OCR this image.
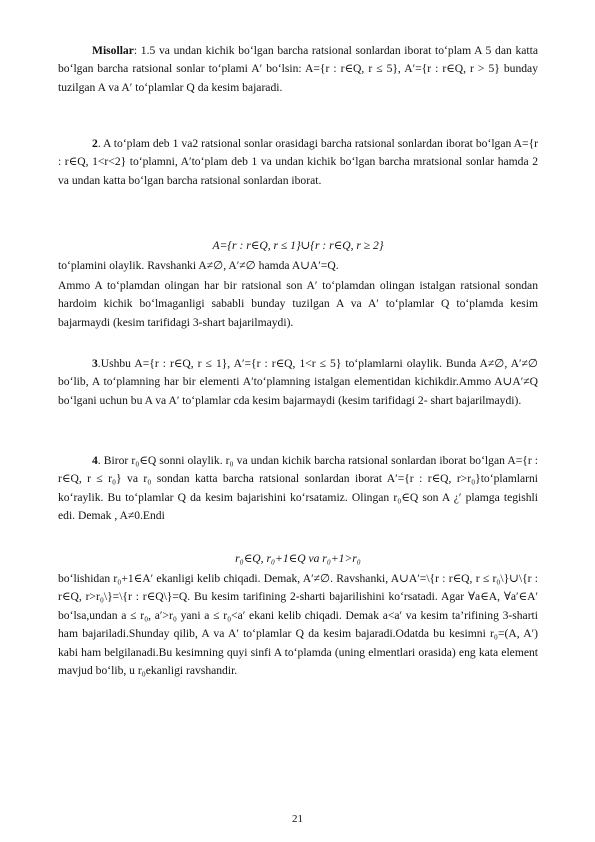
Misollar: 1.5 va undan kichik bo‘lgan barcha ratsional sonlardan iborat to‘plam A 5 dan katta bo‘lgan barcha ratsional sonlar to‘plami A′ bo‘lsin: A={r : r∈Q, r ≤ 5}, A′={r : r∈Q, r > 5} bunday tuzilgan A va A′ to‘plamlar Q da kesim bajaradi.

2. A to‘plam deb 1 va2 ratsional sonlar orasidagi barcha ratsional sonlardan iborat bo‘lgan A={r : r∈Q, 1<r<2} to‘plamni, A′to‘plam deb 1 va undan kichik bo‘lgan barcha mratsional sonlar hamda 2 va undan katta bo‘lgan barcha ratsional sonlardan iborat.

A={r : r∈Q, r ≤ 1}∪{r : r∈Q, r ≥ 2}

to‘plamini olaylik. Ravshanki A≠∅, A′≠∅ hamda A∪A′=Q.

Ammo A to‘plamdan olingan har bir ratsional son A′ to‘plamdan olingan istalgan ratsional sondan hardoim kichik bo‘lmaganligi sababli bunday tuzilgan A va A′ to‘plamlar Q to‘plamda kesim bajarmaydi (kesim tarifidagi 3-shart bajarilmaydi).

3.Ushbu A={r : r∈Q, r ≤ 1}, A′={r : r∈Q, 1<r ≤ 5} to‘plamlarni olaylik. Bunda A≠∅, A′≠∅ bo‘lib, A to‘plamning har bir elementi A′to‘plamning istalgan elementidan kichikdir.Ammo A∪A′≠Q bo‘lgani uchun bu A va A′ to‘plamlar cda kesim bajarmaydi (kesim tarifidagi 2- shart bajarilmaydi).

4. Biror r₀∈Q sonni olaylik. r₀ va undan kichik barcha ratsional sonlardan iborat bo‘lgan A={r : r∈Q, r ≤ r₀} va r₀ sondan katta barcha ratsional sonlardan iborat A′={r : r∈Q, r>r₀}to‘plamlarni ko‘raylik. Bu to‘plamlar Q da kesim bajarishini ko‘rsatamiz. Olingan r₀∈Q son A ¿′ plamga tegishli edi. Demak , A≠0.Endi

r₀∈Q, r₀+1∈Q va r₀+1>r₀

bo‘lishidan r₀+1∈A′ ekanligi kelib chiqadi. Demak, A′≠∅. Ravshanki, A∪A′=\{r : r∈Q, r ≤ r₀\}∪\{r : r∈Q, r>r₀\}=\{r : r∈Q\}=Q. Bu kesim tarifining 2-sharti bajarilishini ko‘rsatadi. Agar ∀a∈A, ∀a′∈A′ bo‘lsa,undan a ≤ r₀, a′>r₀ yani a ≤ r₀<a′ ekani kelib chiqadi. Demak a<a′ va kesim ta’rifining 3-sharti ham bajariladi.Shunday qilib, A va A′ to‘plamlar Q da kesim bajaradi.Odatda bu kesimni r₀=(A, A′) kabi ham belgilanadi.Bu kesimning quyi sinfi A to‘plamda (uning elmentlari orasida) eng kata element mavjud bo‘lib, u r₀ekanligi ravshandir.

21
